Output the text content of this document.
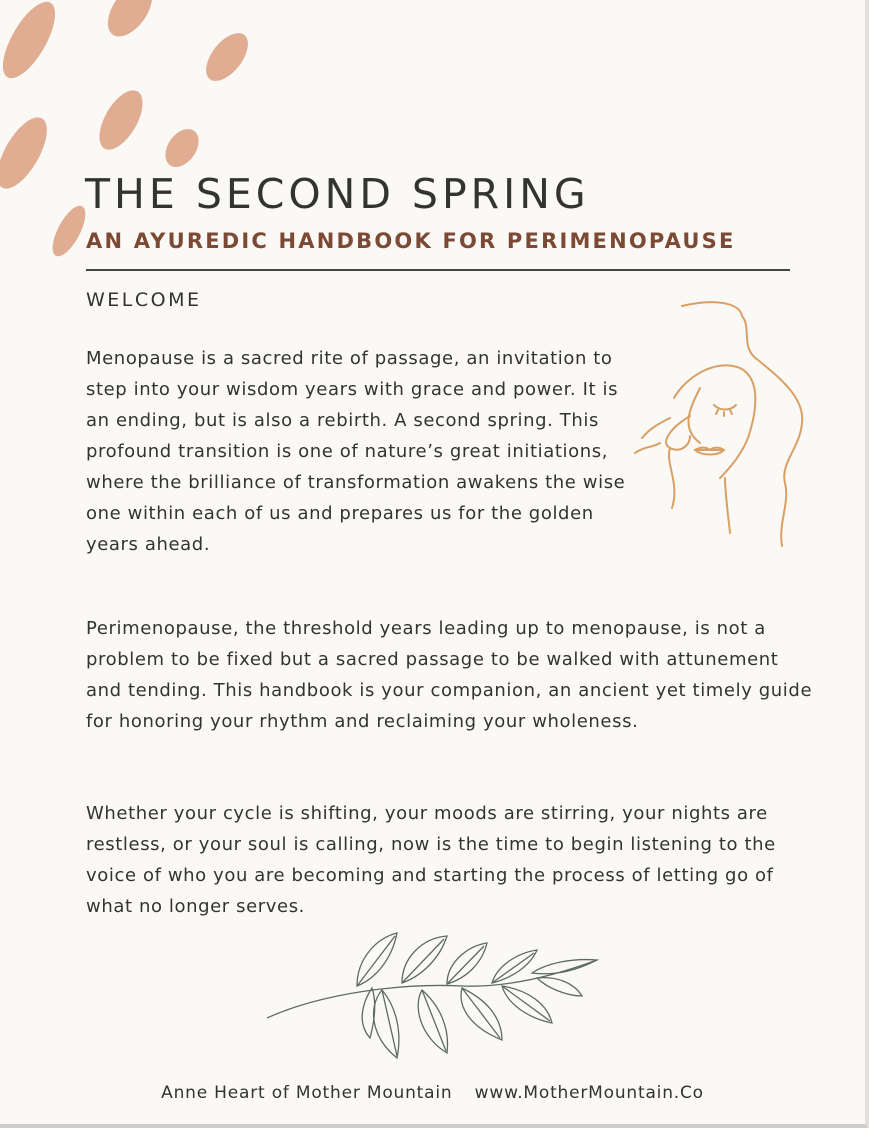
THE SECOND SPRING
AN AYUREDIC HANDBOOK FOR PERIMENOPAUSE
WELCOME

Menopause is a sacred rite of passage, an invitation to step into your wisdom years with grace and power. It is an ending, but is also a rebirth. A second spring. This profound transition is one of nature’s great initiations, where the brilliance of transformation awakens the wise one within each of us and prepares us for the golden years ahead.

Perimenopause, the threshold years leading up to menopause, is not a problem to be fixed but a sacred passage to be walked with attunement and tending. This handbook is your companion, an ancient yet timely guide for honoring your rhythm and reclaiming your wholeness.

Whether your cycle is shifting, your moods are stirring, your nights are restless, or your soul is calling, now is the time to begin listening to the voice of who you are becoming and starting the process of letting go of what no longer serves.

Anne Heart of Mother Mountain www.MotherMountain.Co
